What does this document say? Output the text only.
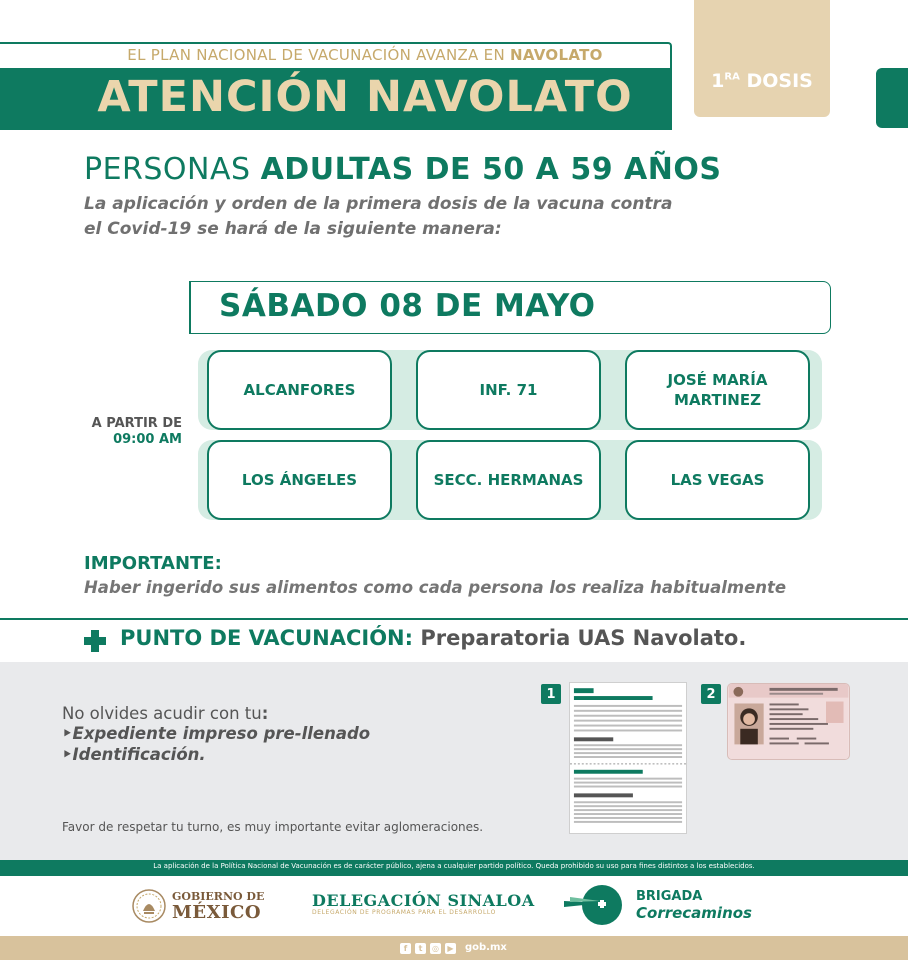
EL PLAN NACIONAL DE VACUNACIÓN AVANZA EN NAVOLATO
ATENCIÓN NAVOLATO	$1^{RA}$ DOSIS
PERSONAS ADULTAS DE 50 A 59 AÑOS
La aplicación y orden de la primera dosis de la vacuna contra
el Covid-19 se hará de la siguiente manera:
SÁBADO 08 DE MAYO
A PARTIR DE
09:00 AM
ALCANFORES	INF. 71
JOSÉ MARÍA MARTINEZ
LOS ÁNGELES	SECC. HERMANAS	LAS VEGAS
IMPORTANTE:
Haber ingerido sus alimentos como cada persona los realiza habitualmente
PUNTO DE VACUNACIÓN: Preparatoria UAS Navolato.
No olvides acudir con tu:
‣Expediente impreso pre-llenado
‣Identificación.
Favor de respetar tu turno, es muy importante evitar aglomeraciones.
1	2
La aplicación de la Política Nacional de Vacunación es de carácter público, ajena a cualquier partido político. Queda prohibido su uso para fines distintos a los establecidos.
GOBIERNO DE
MÉXICO
DELEGACIÓN SINALOA
DELEGACIÓN DE PROGRAMAS PARA EL DESARROLLO
BRIGADA
Correcaminos
f	t	◎	▶ gob.mx
